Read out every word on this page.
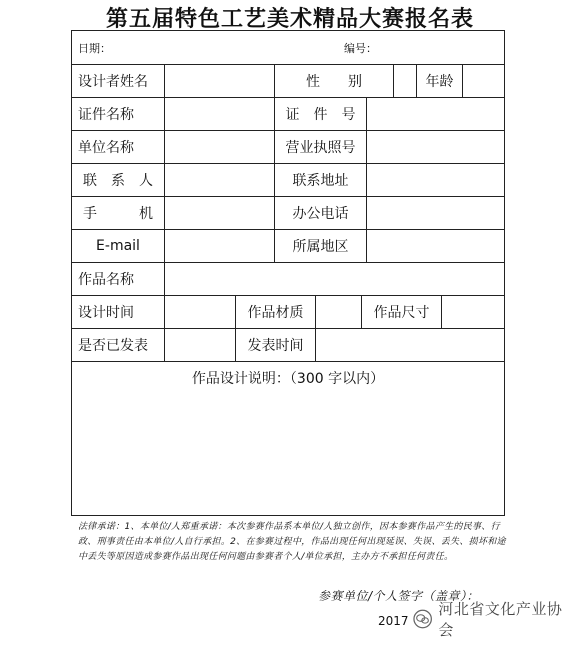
第五届特色工艺美术精品大赛报名表
日期：	编号：
设计者姓名	性　　别	年龄
证件名称	证　件　号
单位名称	营业执照号
联　系　人	联系地址
手　　　机	办公电话
E-mail	所属地区
作品名称
设计时间	作品材质	作品尺寸
是否已发表	发表时间
作品设计说明：（300 字以内）
法律承诺：1、本单位/人郑重承诺：本次参赛作品系本单位/人独立创作，因本参赛作品产生的民事、行政、刑事责任由本单位/人自行承担。2、在参赛过程中，作品出现任何出现延误、失误、丢失、损坏和途中丢失等原因造成参赛作品出现任何问题由参赛者个人/单位承担，主办方不承担任何责任。
参赛单位/个人签字（盖章）：
2017
河北省文化产业协会
